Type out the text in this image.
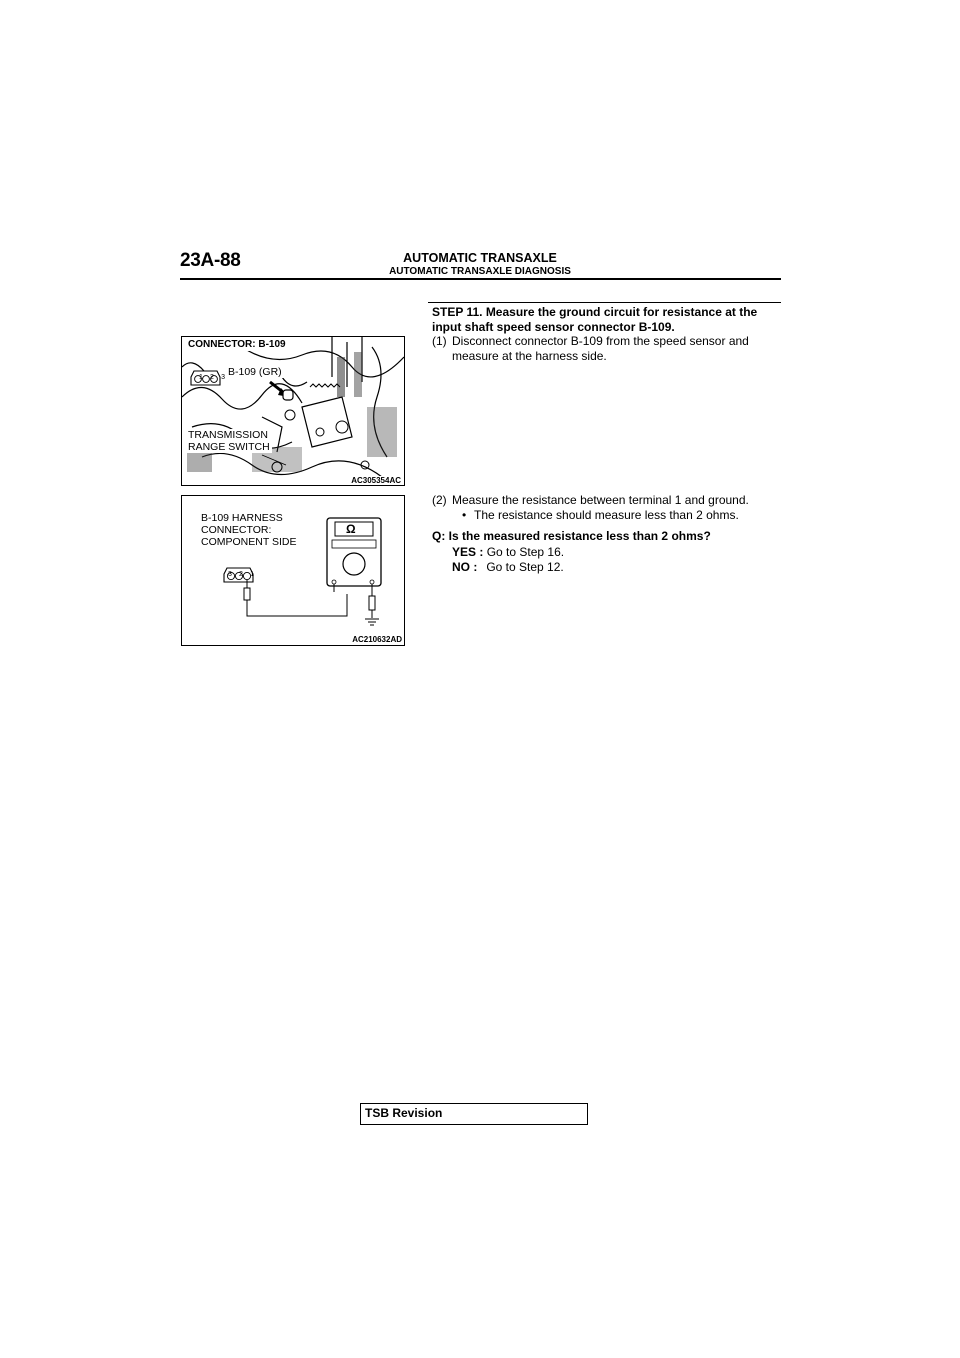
23A-88	AUTOMATIC TRANSAXLE
AUTOMATIC TRANSAXLE DIAGNOSIS
CONNECTOR: B-109
B-109 (GR)
1 2 3
TRANSMISSION
RANGE SWITCH
AC305354AC
Ω
B-109 HARNESS
CONNECTOR:
COMPONENT SIDE
3 2 1
AC210632AD
STEP 11. Measure the ground circuit for resistance at the input shaft speed sensor connector B-109.
(1) Disconnect connector B-109 from the speed sensor and measure at the harness side.
(2) Measure the resistance between terminal 1 and ground.
• The resistance should measure less than 2 ohms.
Q: Is the measured resistance less than 2 ohms?
YES : Go to Step 16.
NO : Go to Step 12.
TSB Revision
